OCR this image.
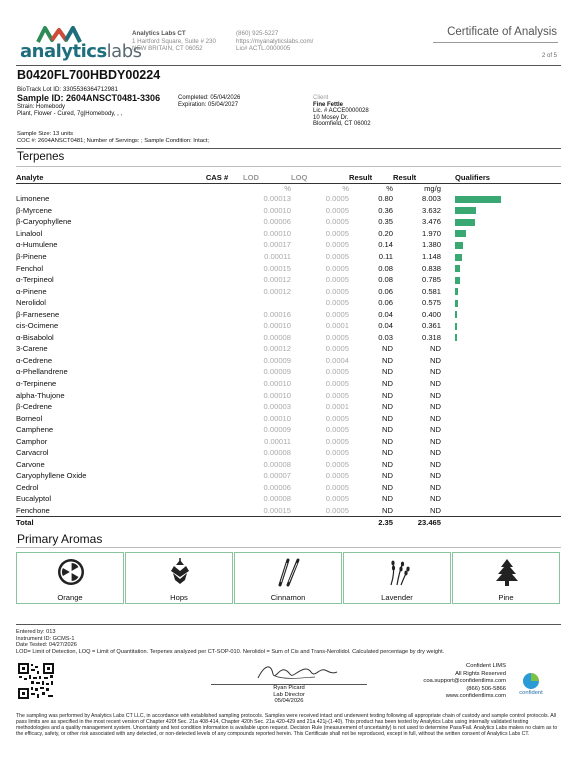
analyticslabs
Analytics Labs CT
1 Hartford Square, Suite # 230
NEW BRITAIN, CT 06052
(860) 925-5227
https://myanalyticslabs.com/
Lic# ACTL.0000005
Certificate of Analysis
2 of 5
B0420FL700HBDY00224
BioTrack Lot ID: 3305536364712981
Sample ID: 2604ANSCT0481-3306
Strain: Homebody
Plant, Flower - Cured, 7g|Homebody, , ,
Completed: 05/04/2026
Expiration: 05/04/2027
Client
Fine Fettle
Lic. # ACCE0000028
10 Mosey Dr.
Bloomfield, CT 06002
Sample Size: 13 units
COC #: 2604ANSCT0481; Number of Servings: ; Sample Condition: Intact;
Terpenes
Analyte	CAS #	LOD	LOQ	Result	Result	Qualifiers
		%	%	%	mg/g	
Limonene		0.00013	0.0005	0.80	8.003	
β-Myrcene		0.00010	0.0005	0.36	3.632	
β-Caryophyllene		0.00006	0.0005	0.35	3.476	
Linalool		0.00010	0.0005	0.20	1.970	
α-Humulene		0.00017	0.0005	0.14	1.380	
β-Pinene		0.00011	0.0005	0.11	1.148	
Fenchol		0.00015	0.0005	0.08	0.838	
α-Terpineol		0.00012	0.0005	0.08	0.785	
α-Pinene		0.00012	0.0005	0.06	0.581	
Nerolidol			0.0005	0.06	0.575	
β-Farnesene		0.00016	0.0005	0.04	0.400	
cis-Ocimene		0.00010	0.0001	0.04	0.361	
α-Bisabolol		0.00008	0.0005	0.03	0.318	
3-Carene		0.00012	0.0005	ND	ND	
α-Cedrene		0.00009	0.0004	ND	ND	
α-Phellandrene		0.00009	0.0005	ND	ND	
α-Terpinene		0.00010	0.0005	ND	ND	
alpha-Thujone		0.00010	0.0005	ND	ND	
β-Cedrene		0.00003	0.0001	ND	ND	
Borneol		0.00010	0.0005	ND	ND	
Camphene		0.00009	0.0005	ND	ND	
Camphor		0.00011	0.0005	ND	ND	
Carvacrol		0.00008	0.0005	ND	ND	
Carvone		0.00008	0.0005	ND	ND	
Caryophyllene Oxide		0.00007	0.0005	ND	ND	
Cedrol		0.00006	0.0005	ND	ND	
Eucalyptol		0.00008	0.0005	ND	ND	
Fenchone		0.00015	0.0005	ND	ND	
Total				2.35	23.465	
Primary Aromas
Orange	Hops	Cinnamon	Lavender	Pine
Entered by: 013
Instrument ID: GCMS-1
Date Tested: 04/27/2026
LOD= Limit of Detection, LOQ = Limit of Quantitation. Terpenes analyzed per CT-SOP-010. Nerolidol = Sum of Cis and Trans-Nerolidol. Calculated percentage by dry weight.
Ryan Picard
Lab Director
05/04/2026
Confident LIMS
All Rights Reserved
coa.support@confidentlims.com
(866) 506-5866
www.confidentlims.com
confident
The sampling was performed by Analytics Labs CT LLC, in accordance with established sampling protocols. Samples were received intact and underwent testing following all appropriate chain of custody and sample control protocols. All pass limits are as specified in the most recent version of Chapter 420f Sec. 21a 408-414, Chapter 420h Sec. 21a 420-429 and 21a 421j-(1-40). This product has been tested by Analytics Labs using internally validated testing methodologies and a quality management system. Uncertainty and test condition information is available upon request. Decision Rule (measurement of uncertainty) is not used to determine Pass/Fail. Analytics Labs makes no claim as to the efficacy, safety, or other risk associated with any detected, or non-detected levels of any compounds reported herein. This Certificate shall not be reproduced, except in full, without the written consent of Analytics Labs CT.
